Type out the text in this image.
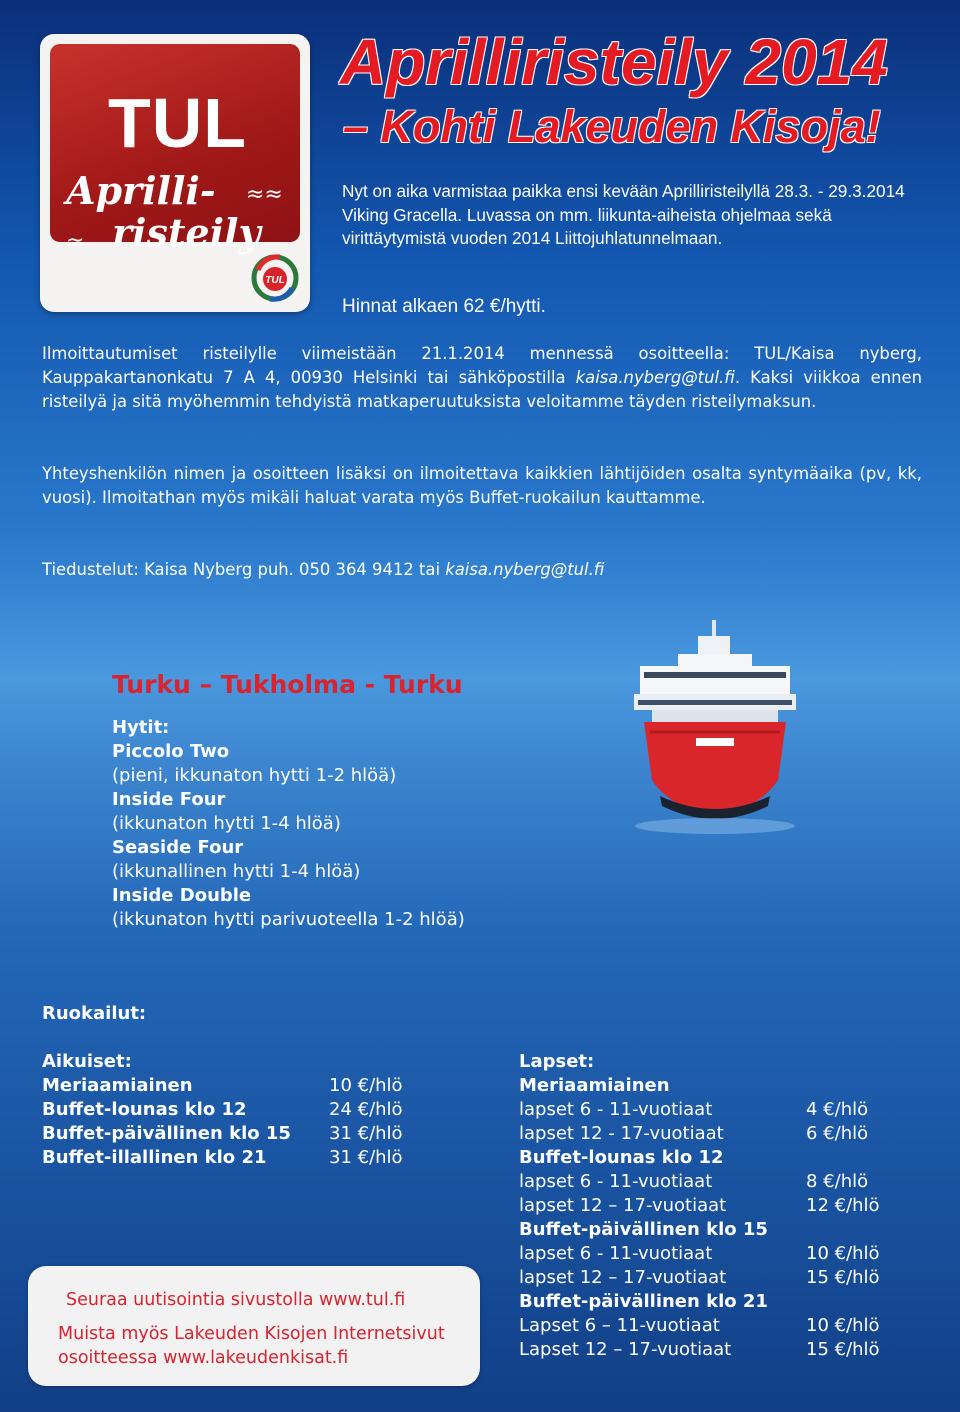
TUL
Aprilli-
risteily
≈≈
≈
TUL
Aprilliristeily 2014
– Kohti Lakeuden Kisoja!

Nyt on aika varmistaa paikka ensi kevään Aprilliristeilyllä 28.3. - 29.3.2014 Viking Gracella. Luvassa on mm. liikunta-aiheista ohjelmaa sekä virittäytymistä vuoden 2014 Liittojuhlatunnelmaan.

Hinnat alkaen 62 €/hytti.

Ilmoittautumiset risteilylle viimeistään 21.1.2014 mennessä osoitteella: TUL/Kaisa nyberg, Kauppakartanonkatu 7 A 4, 00930 Helsinki tai sähköpostilla kaisa.nyberg@tul.fi. Kaksi viikkoa ennen risteilyä ja sitä myöhemmin tehdyistä matkaperuutuksista veloitamme täyden risteilymaksun.

Yhteyshenkilön nimen ja osoitteen lisäksi on ilmoitettava kaikkien lähtijöiden osalta syntymäaika (pv, kk, vuosi). Ilmoitathan myös mikäli haluat varata myös Buffet-ruokailun kauttamme.

Tiedustelut: Kaisa Nyberg puh. 050 364 9412 tai kaisa.nyberg@tul.fi

Turku – Tukholma - Turku
Hytit:
Piccolo Two
(pieni, ikkunaton hytti 1-2 hlöä)
Inside Four
(ikkunaton hytti 1-4 hlöä)
Seaside Four
(ikkunallinen hytti 1-4 hlöä)
Inside Double
(ikkunaton hytti parivuoteella 1-2 hlöä)
Ruokailut:
Aikuiset:
Meriaamiainen	10 €/hlö
Buffet-lounas klo 12	24 €/hlö
Buffet-päivällinen klo 15 31 €/hlö
Buffet-illallinen klo 21	31 €/hlö
Lapset:
Meriaamiainen
lapset 6 - 11-vuotiaat	4 €/hlö
lapset 12 - 17-vuotiaat	6 €/hlö
Buffet-lounas klo 12
lapset 6 - 11-vuotiaat	8 €/hlö
lapset 12 – 17-vuotiaat	12 €/hlö
Buffet-päivällinen klo 15
lapset 6 - 11-vuotiaat	10 €/hlö
lapset 12 – 17-vuotiaat	15 €/hlö
Buffet-päivällinen klo 21
Lapset 6 – 11-vuotiaat	10 €/hlö
Lapset 12 – 17-vuotiaat	15 €/hlö

Seuraa uutisointia sivustolla www.tul.fi

Muista myös Lakeuden Kisojen Internetsivut osoitteessa www.lakeudenkisat.fi
